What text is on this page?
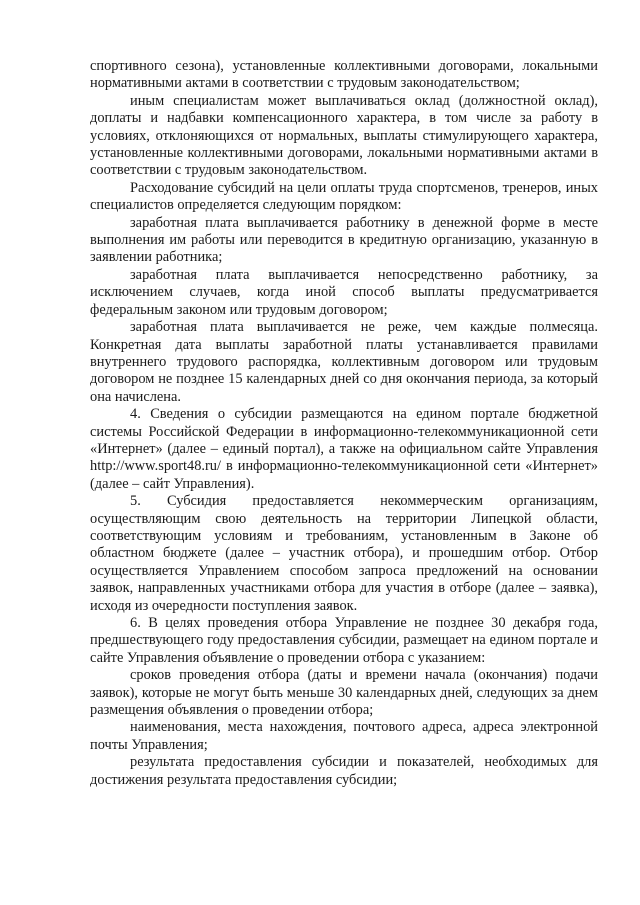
спортивного сезона), установленные коллективными договорами, локальными нормативными актами в соответствии с трудовым законодательством;

иным специалистам может выплачиваться оклад (должностной оклад), доплаты и надбавки компенсационного характера, в том числе за работу в условиях, отклоняющихся от нормальных, выплаты стимулирующего характера, установленные коллективными договорами, локальными нормативными актами в соответствии с трудовым законодательством.

Расходование субсидий на цели оплаты труда спортсменов, тренеров, иных специалистов определяется следующим порядком:

заработная плата выплачивается работнику в денежной форме в месте выполнения им работы или переводится в кредитную организацию, указанную в заявлении работника;

заработная плата выплачивается непосредственно работнику, за исключением случаев, когда иной способ выплаты предусматривается федеральным законом или трудовым договором;

заработная плата выплачивается не реже, чем каждые полмесяца. Конкретная дата выплаты заработной платы устанавливается правилами внутреннего трудового распорядка, коллективным договором или трудовым договором не позднее 15 календарных дней со дня окончания периода, за который она начислена.

4. Сведения о субсидии размещаются на едином портале бюджетной системы Российской Федерации в информационно-телекоммуникационной сети «Интернет» (далее – единый портал), а также на официальном сайте Управления http://www.sport48.ru/ в информационно-телекоммуникационной сети «Интернет» (далее – сайт Управления).

5. Субсидия предоставляется некоммерческим организациям, осуществляющим свою деятельность на территории Липецкой области, соответствующим условиям и требованиям, установленным в Законе об областном бюджете (далее – участник отбора), и прошедшим отбор. Отбор осуществляется Управлением способом запроса предложений на основании заявок, направленных участниками отбора для участия в отборе (далее – заявка), исходя из очередности поступления заявок.

6. В целях проведения отбора Управление не позднее 30 декабря года, предшествующего году предоставления субсидии, размещает на едином портале и сайте Управления объявление о проведении отбора с указанием:

сроков проведения отбора (даты и времени начала (окончания) подачи заявок), которые не могут быть меньше 30 календарных дней, следующих за днем размещения объявления о проведении отбора;

наименования, места нахождения, почтового адреса, адреса электронной почты Управления;

результата предоставления субсидии и показателей, необходимых для достижения результата предоставления субсидии;
